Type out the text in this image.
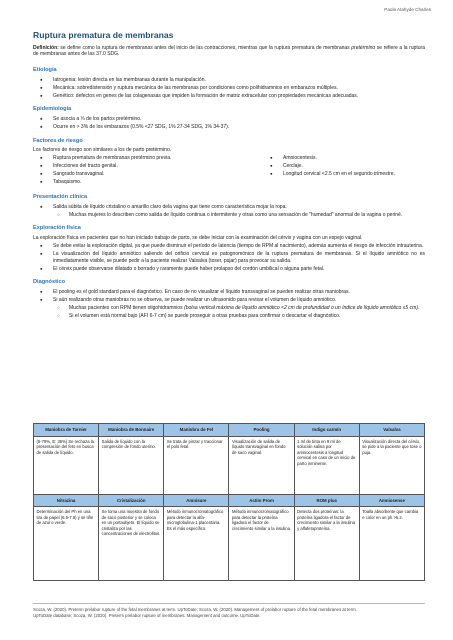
Paola Atahyde Charles
Ruptura prematura de membranas

Definición: se define como la ruptura de membranas antes del inicio de las contracciones, mientras que la ruptura prematura de membranas pretérmino se refiere a la ruptura de membranas antes de las 37.0 SDG.

Etiología
● Iatrogenia: lesión directa en las membranas durante la manipulación.
● Mecánica: sobredistensión y ruptura mecánica de las membranas por condiciones como polihidramnios en embarazos múltiples.
● Genético: defectos en genes de las colagenasas que impiden la formación de matriz extracelular con propiedades mecánicas adecuadas.
Epidemiología
● Se asocia a ⅓ de los partos pretérmino.
● Ocurre en > 3% de los embarazos (0.5% <27 SDG, 1% 27-34 SDG, 1% 34-37).
Factores de riesgo
Los factores de riesgo son similares a los de parto pretérmino.
● Ruptura prematura de membranas pretérmino previa.
● Infecciones del tracto genital.
● Sangrado transvaginal.
● Tabaquismo.
● Amniocentesis.
● Cerclaje.
● Longitud cervical <2.5 cm en el segundo trimestre.
Presentación clínica
● Salida súbita de líquido cristalino o amarillo claro dela vagina que tiene como característica mojar la ropa.
○ Muchas mujeres lo describen como salida de líquido continua o intermitente y otras como una sensación de "humedad" anormal de la vagina o periné.
Exploración física
La exploración física en pacientes que no han iniciado trabajo de parto, se debe iniciar con la examinación del cérvix y vagina con un espejo vaginal.
● Se debe evitar la exploración digital, ya que puede disminuir el período de latencia (tiempo de RPM al nacimiento), además aumenta el riesgo de infección intrauterina.
● La visualización del líquido amniótico saliendo del orificio cervical es patognomónico de la ruptura prematura de membranas. Si el líquido amniótico no es inmediatamente visible, se puede pedir a la paciente realizar Valsalva (toser, pujar) para provocar su salida.
● El cérvix puede observarse dilatado o borrado y raramente puede haber prolapso del cordón umbilical o alguna parte fetal.
Diagnóstico
● El pooling es el gold standard para el diagnóstico. En caso de no visualizar el líquido transvaginal se pueden realizar otras maniobras.
● Si aún realizando otras maniobras no se observa, se puede realizar un ultrasonido para revisar el volumen de líquido amniótico.
○ Muchas pacientes con RPM tienen oligohidramnios (bolsa vertical máxima de líquido amniótico <2 cm de profundidad o un índice de líquido amniótico ≤5 cm).
○ Si el volumen está normal bajo (AFI 6-7 cm) se puede proseguir a otras pruebas para confirmar o descartar el diagnóstico.
Maniobra de Tarnier	Maniobra de Bonnaire	Maniobra de Fel	Pooling	Indigo carmín	Valsalva
(5-79%, E: 36%) Se rechaza la presentación del feto en busca de salida de líquido.	Salida de líquido con la compresión de fondo uterino.	Se trata de pinzar y traccionar el polo fetal.	Visualización de salida de líquido transvaginal en fondo de saco vaginal.	1 ml de tinta en 9 ml de solución salina por amniocentesis a longitud cervical en caso de un inicio de parto inminente.	Visualización directa del cérvix, se pide a la paciente que tose o puja.
Nitrazina	Cristalización	Amnisure	Actim Prom	ROM plus	Amniosense
Determinación del Ph en una tira de papel (6.5-7.5) y se tiñe de azul o verde.	Se toma una muestra de fondo de saco posterior y se coloca en un portaobjeto. El líquido se cristaliza por las concentraciones de electrolitos.	Método inmunocromatográfico para detectar la alfa-microglobulina-1 placentaria. Es el más específico.	Método inmunocromatográfico para detectar la proteína ligadora el factor de crecimiento similar a la insulina.	Detecta dos proteínas: la proteína ligadora el factor de crecimiento similar a la insulina y alfafetoproteína.	Toalla absorbente que cambia e color en un ph >5.2.
Scoza, W. (2020). Preterm prelabor rupture of the fetal membranes at term. UpToDate; Scoza, W. (2020). Management of prelabor rupture of the fetal membranes at term.
UpToDate database; Scoza, W. (2020). Preterm prelabor rupture of membranes: Management and outcome. UpToDate.
